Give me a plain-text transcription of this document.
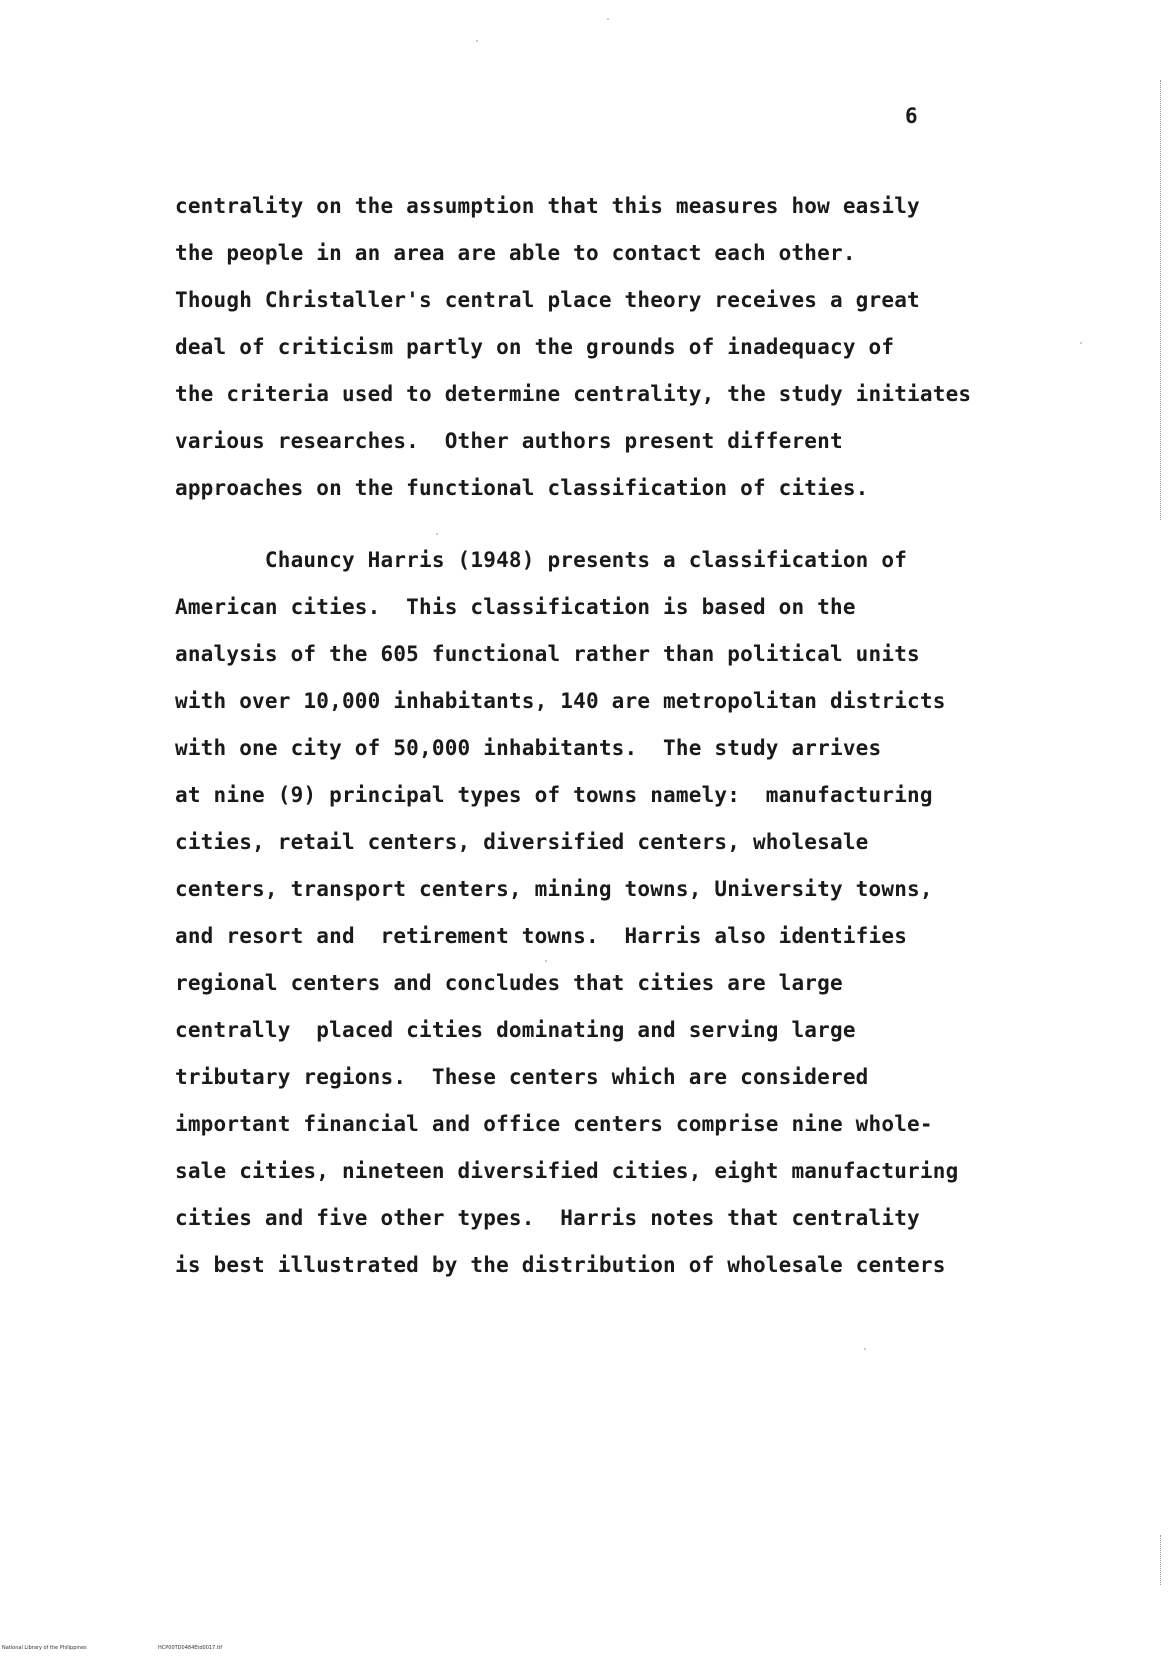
6
centrality on the assumption that this measures how easily
the people in an area are able to contact each other.
Though Christaller's central place theory receives a great
deal of criticism partly on the grounds of inadequacy of
the criteria used to determine centrality, the study initiates
various researches.  Other authors present different
approaches on the functional classification of cities.
Chauncy Harris (1948) presents a classification of
American cities.  This classification is based on the
analysis of the 605 functional rather than political units
with over 10,000 inhabitants, 140 are metropolitan districts
with one city of 50,000 inhabitants.  The study arrives
at nine (9) principal types of towns namely:  manufacturing
cities, retail centers, diversified centers, wholesale
centers, transport centers, mining towns, University towns,
and resort and  retirement towns.  Harris also identifies
regional centers and concludes that cities are large
centrally  placed cities dominating and serving large
tributary regions.  These centers which are considered
important financial and office centers comprise nine whole-
sale cities, nineteen diversified cities, eight manufacturing
cities and five other types.  Harris notes that centrality
is best illustrated by the distribution of wholesale centers
National Library of the Philippines	HCP00TD0484Etd0017.tif
